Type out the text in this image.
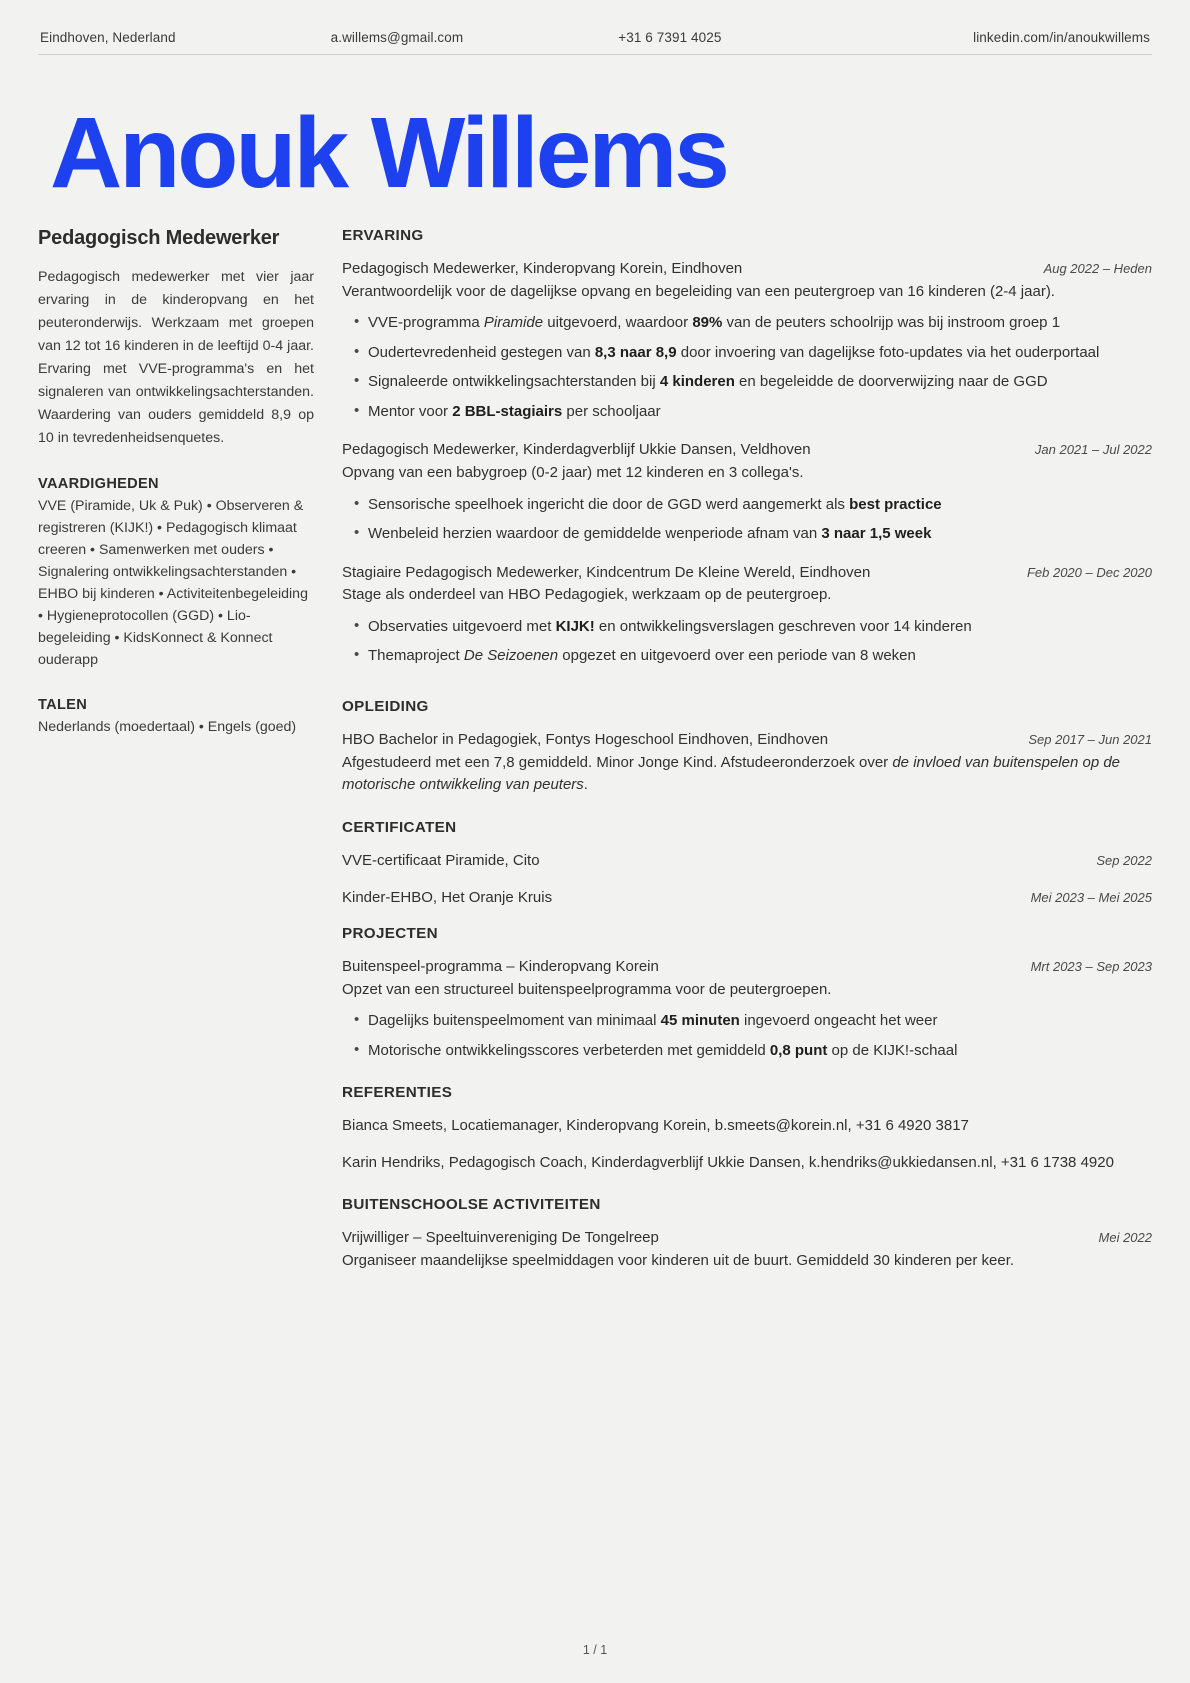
Eindhoven, Nederland	a.willems@gmail.com	+31 6 7391 4025	linkedin.com/in/anoukwillems
Anouk Willems
Pedagogisch Medewerker

Pedagogisch medewerker met vier jaar ervaring in de kinderopvang en het peuteronderwijs. Werkzaam met groepen van 12 tot 16 kinderen in de leeftijd 0-4 jaar. Ervaring met VVE-programma's en het signaleren van ontwikkelingsachterstanden. Waardering van ouders gemiddeld 8,9 op 10 in tevredenheidsenquetes.

VAARDIGHEDEN

VVE (Piramide, Uk & Puk) • Observeren & registreren (KIJK!) • Pedagogisch klimaat creeren • Samenwerken met ouders • Signalering ontwikkelingsachterstanden • EHBO bij kinderen • Activiteitenbegeleiding • Hygieneprotocollen (GGD) • Lio-begeleiding • KidsKonnect & Konnect ouderapp

TALEN

Nederlands (moedertaal) • Engels (goed)

ERVARING
Pedagogisch Medewerker, Kinderopvang Korein, Eindhoven	Aug 2022 – Heden
Verantwoordelijk voor de dagelijkse opvang en begeleiding van een peutergroep van 16 kinderen (2-4 jaar).
• VVE-programma Piramide uitgevoerd, waardoor 89% van de peuters schoolrijp was bij instroom groep 1
• Oudertevredenheid gestegen van 8,3 naar 8,9 door invoering van dagelijkse foto-updates via het ouderportaal
• Signaleerde ontwikkelingsachterstanden bij 4 kinderen en begeleidde de doorverwijzing naar de GGD
• Mentor voor 2 BBL-stagiairs per schooljaar
Pedagogisch Medewerker, Kinderdagverblijf Ukkie Dansen, Veldhoven	Jan 2021 – Jul 2022
Opvang van een babygroep (0-2 jaar) met 12 kinderen en 3 collega's.
• Sensorische speelhoek ingericht die door de GGD werd aangemerkt als best practice
• Wenbeleid herzien waardoor de gemiddelde wenperiode afnam van 3 naar 1,5 week
Stagiaire Pedagogisch Medewerker, Kindcentrum De Kleine Wereld, Eindhoven	Feb 2020 – Dec 2020
Stage als onderdeel van HBO Pedagogiek, werkzaam op de peutergroep.
• Observaties uitgevoerd met KIJK! en ontwikkelingsverslagen geschreven voor 14 kinderen
• Themaproject De Seizoenen opgezet en uitgevoerd over een periode van 8 weken
OPLEIDING
HBO Bachelor in Pedagogiek, Fontys Hogeschool Eindhoven, Eindhoven	Sep 2017 – Jun 2021
Afgestudeerd met een 7,8 gemiddeld. Minor Jonge Kind. Afstudeeronderzoek over de invloed van buitenspelen op de motorische ontwikkeling van peuters.
CERTIFICATEN
VVE-certificaat Piramide, Cito	Sep 2022
Kinder-EHBO, Het Oranje Kruis	Mei 2023 – Mei 2025
PROJECTEN
Buitenspeel-programma – Kinderopvang Korein	Mrt 2023 – Sep 2023
Opzet van een structureel buitenspeelprogramma voor de peutergroepen.
• Dagelijks buitenspeelmoment van minimaal 45 minuten ingevoerd ongeacht het weer
• Motorische ontwikkelingsscores verbeterden met gemiddeld 0,8 punt op de KIJK!-schaal
REFERENTIES
Bianca Smeets, Locatiemanager, Kinderopvang Korein, b.smeets@korein.nl, +31 6 4920 3817
Karin Hendriks, Pedagogisch Coach, Kinderdagverblijf Ukkie Dansen, k.hendriks@ukkiedansen.nl, +31 6 1738 4920
BUITENSCHOOLSE ACTIVITEITEN
Vrijwilliger – Speeltuinvereniging De Tongelreep	Mei 2022
Organiseer maandelijkse speelmiddagen voor kinderen uit de buurt. Gemiddeld 30 kinderen per keer.
1 / 1
